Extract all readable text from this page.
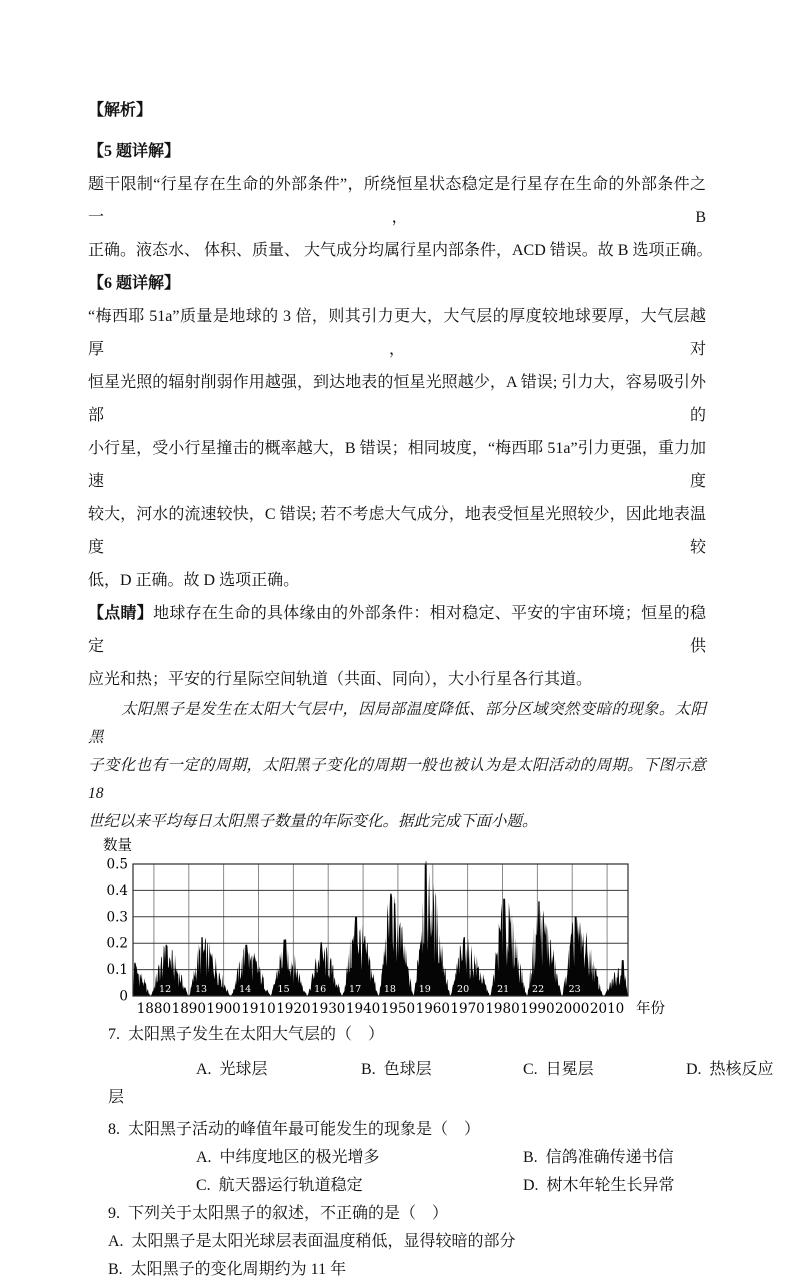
【解析】
【5 题详解】
题干限制“行星存在生命的外部条件”，所绕恒星状态稳定是行星存在生命的外部条件之一，B
正确。液态水、 体积、质量、 大气成分均属行星内部条件，ACD 错误。故 B 选项正确。
【6 题详解】
“梅西耶 51a”质量是地球的 3 倍，则其引力更大，大气层的厚度较地球要厚，大气层越厚，对
恒星光照的辐射削弱作用越强，到达地表的恒星光照越少，A 错误; 引力大，容易吸引外部的
小行星，受小行星撞击的概率越大，B 错误；相同坡度，“梅西耶 51a”引力更强，重力加速度
较大，河水的流速较快，C 错误; 若不考虑大气成分，地表受恒星光照较少，因此地表温度较
低，D 正确。故 D 选项正确。
【点睛】地球存在生命的具体缘由的外部条件：相对稳定、平安的宇宙环境；恒星的稳定供
应光和热；平安的行星际空间轨道（共面、同向），大小行星各行其道。
太阳黑子是发生在太阳大气层中，因局部温度降低、部分区域突然变暗的现象。太阳黑
子变化也有一定的周期，太阳黑子变化的周期一般也被认为是太阳活动的周期。下图示意 18
世纪以来平均每日太阳黑子数量的年际变化。据此完成下面小题。
0.5
0.4
0.3
0.2
0.1
0
1880 1890 1900 1910 1920 1930 1940 1950 1960 1970 1980 1990 2000 2010
数量
年份
12	13	14	15	16 17 18 19	20	21 22	23
7.  太阳黑子发生在太阳大气层的（    ）
A.  光球层	B.  色球层	C.  日冕层	D.  热核反应
层
8.  太阳黑子活动的峰值年最可能发生的现象是（    ）
A.  中纬度地区的极光增多	B.  信鸽准确传递书信
C.  航天器运行轨道稳定	D.  树木年轮生长异常
9.  下列关于太阳黑子的叙述，不正确的是（    ）
A.  太阳黑子是太阳光球层表面温度稍低，显得较暗的部分
B.  太阳黑子的变化周期约为 11 年
